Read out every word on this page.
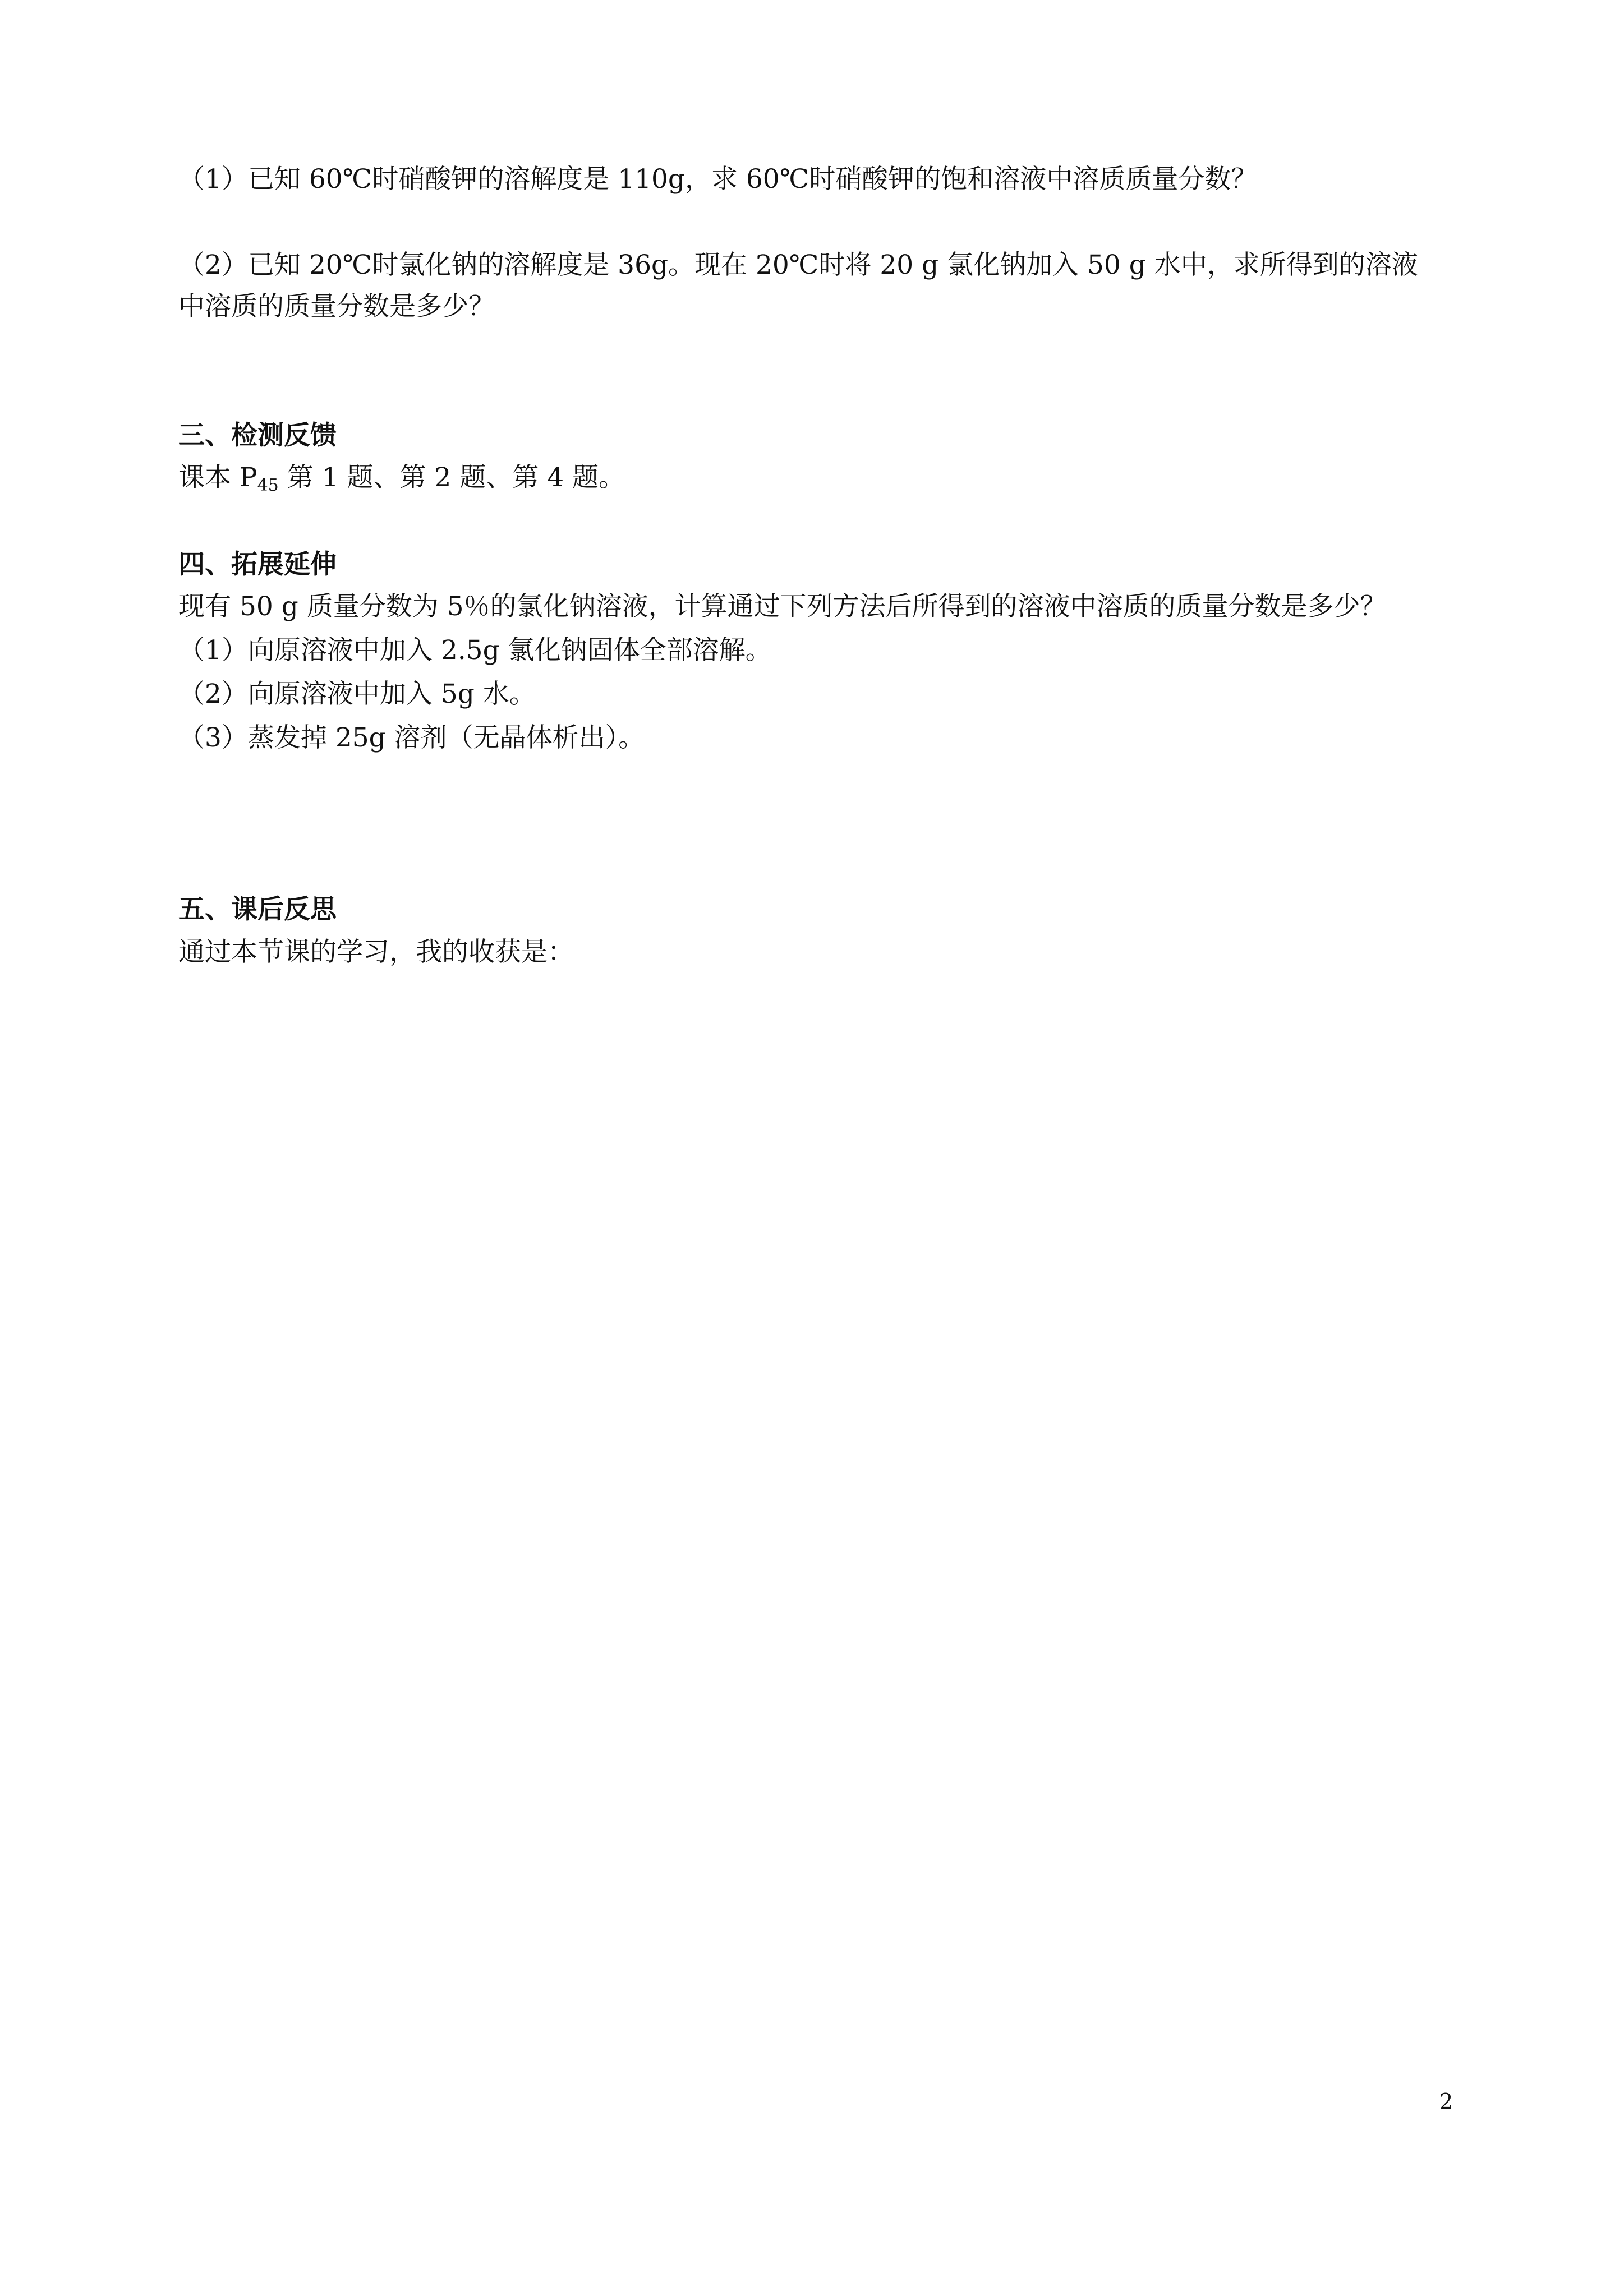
（1）已知 60℃时硝酸钾的溶解度是 110g，求 60℃时硝酸钾的饱和溶液中溶质质量分数？
（2）已知 20℃时氯化钠的溶解度是 36g。现在 20℃时将 20 g 氯化钠加入 50 g 水中，求所得到的溶液
中溶质的质量分数是多少？
三、检测反馈
课本 $P_{45}$ 第 1 题、第 2 题、第 4 题。
四、拓展延伸
现有 50 g 质量分数为 5％的氯化钠溶液，计算通过下列方法后所得到的溶液中溶质的质量分数是多少？
（1）向原溶液中加入 2.5g 氯化钠固体全部溶解。
（2）向原溶液中加入 5g 水。
（3）蒸发掉 25g 溶剂（无晶体析出）。
五、课后反思
通过本节课的学习，我的收获是：
2
